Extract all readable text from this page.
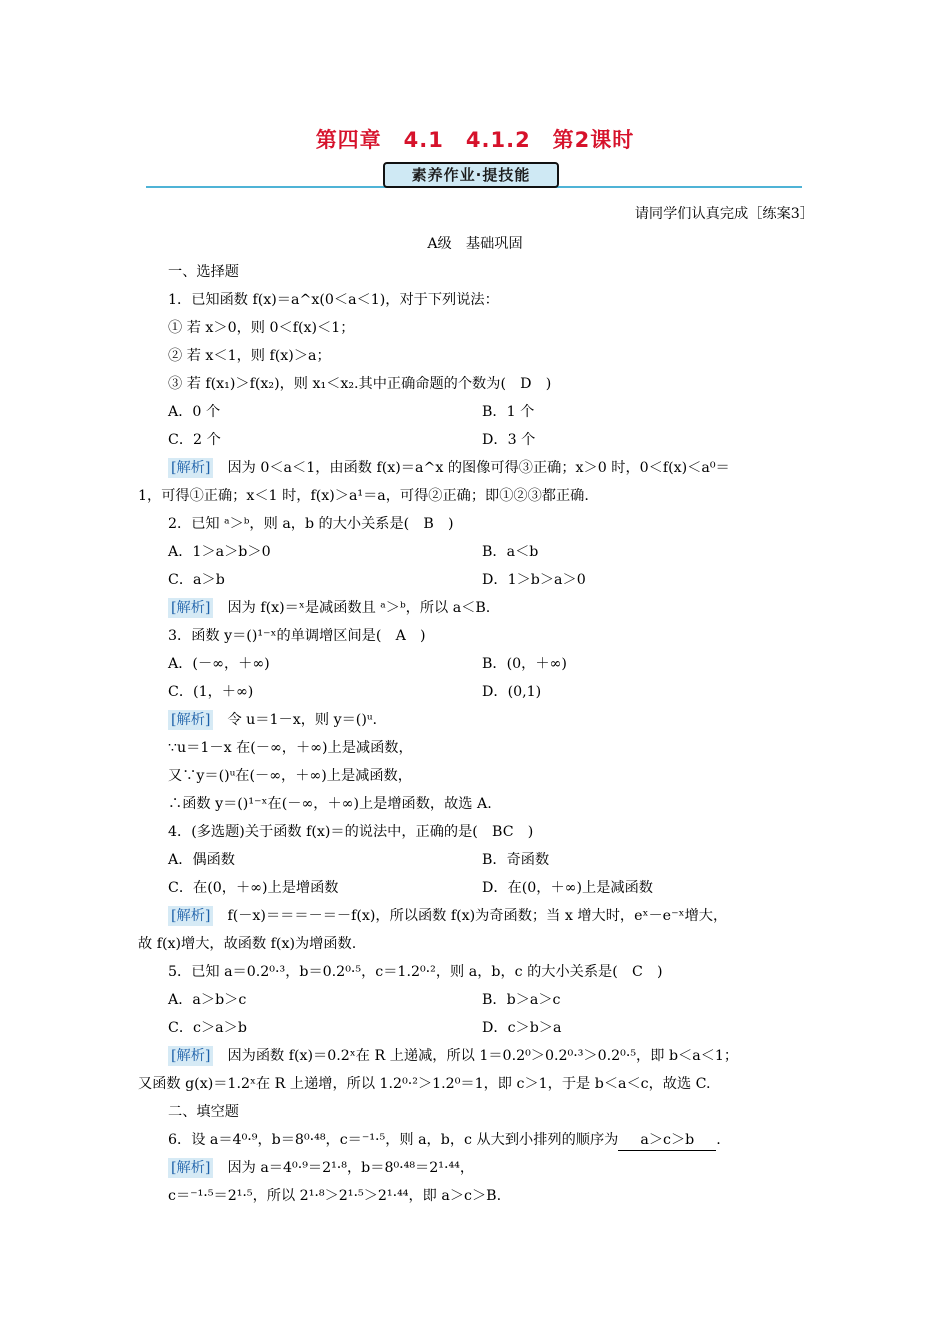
第四章　4.1　4.1.2　第2课时
素养作业·提技能
请同学们认真完成［练案3］
A级　基础巩固
一、选择题
1．已知函数 f(x)＝a^x(0＜a＜1)，对于下列说法：
① 若 x＞0，则 0＜f(x)＜1；
② 若 x＜1，则 f(x)＞a；
③ 若 f(x₁)＞f(x₂)，则 x₁＜x₂.其中正确命题的个数为(　D　)
A．0 个	B．1 个
C．2 个	D．3 个
[解析] 因为 0＜a＜1，由函数 f(x)＝a^x 的图像可得③正确；x＞0 时，0＜f(x)＜a⁰＝
1，可得①正确；x＜1 时，f(x)＞a¹＝a，可得②正确；即①②③都正确.
2．已知 ᵃ＞ᵇ，则 a，b 的大小关系是(　B　)
A．1＞a＞b＞0	B．a＜b
C．a＞b	D．1＞b＞a＞0
[解析] 因为 f(x)＝ˣ是减函数且 ᵃ＞ᵇ，所以 a＜B.
3．函数 y＝()¹⁻ˣ的单调增区间是(　A　)
A．(－∞，＋∞)	B．(0，＋∞)
C．(1，＋∞)	D．(0,1)
[解析] 令 u＝1－x，则 y＝()ᵘ.
∵u＝1－x 在(－∞，＋∞)上是减函数，
又∵y＝()ᵘ在(－∞，＋∞)上是减函数，
∴函数 y＝()¹⁻ˣ在(－∞，＋∞)上是增函数，故选 A.
4．(多选题)关于函数 f(x)＝的说法中，正确的是(　BC　)
A．偶函数	B．奇函数
C．在(0，＋∞)上是增函数	D．在(0，＋∞)上是减函数
[解析] f(－x)＝＝＝－＝－f(x)，所以函数 f(x)为奇函数；当 x 增大时，eˣ－e⁻ˣ增大，
故 f(x)增大，故函数 f(x)为增函数.
5．已知 a＝0.2⁰·³，b＝0.2⁰·⁵，c＝1.2⁰·²，则 a，b，c 的大小关系是(　C　)
A．a＞b＞c	B．b＞a＞c
C．c＞a＞b	D．c＞b＞a
[解析] 因为函数 f(x)＝0.2ˣ在 R 上递减，所以 1＝0.2⁰＞0.2⁰·³＞0.2⁰·⁵，即 b＜a＜1；
又函数 g(x)＝1.2ˣ在 R 上递增，所以 1.2⁰·²＞1.2⁰＝1，即 c＞1，于是 b＜a＜c，故选 C.
二、填空题
6．设 a＝4⁰·⁹，b＝8⁰·⁴⁸，c＝⁻¹·⁵，则 a，b，c 从大到小排列的顺序为 a＞c＞b .
[解析] 因为 a＝4⁰·⁹＝2¹·⁸，b＝8⁰·⁴⁸＝2¹·⁴⁴，
c＝⁻¹·⁵＝2¹·⁵，所以 2¹·⁸＞2¹·⁵＞2¹·⁴⁴，即 a＞c＞B.
